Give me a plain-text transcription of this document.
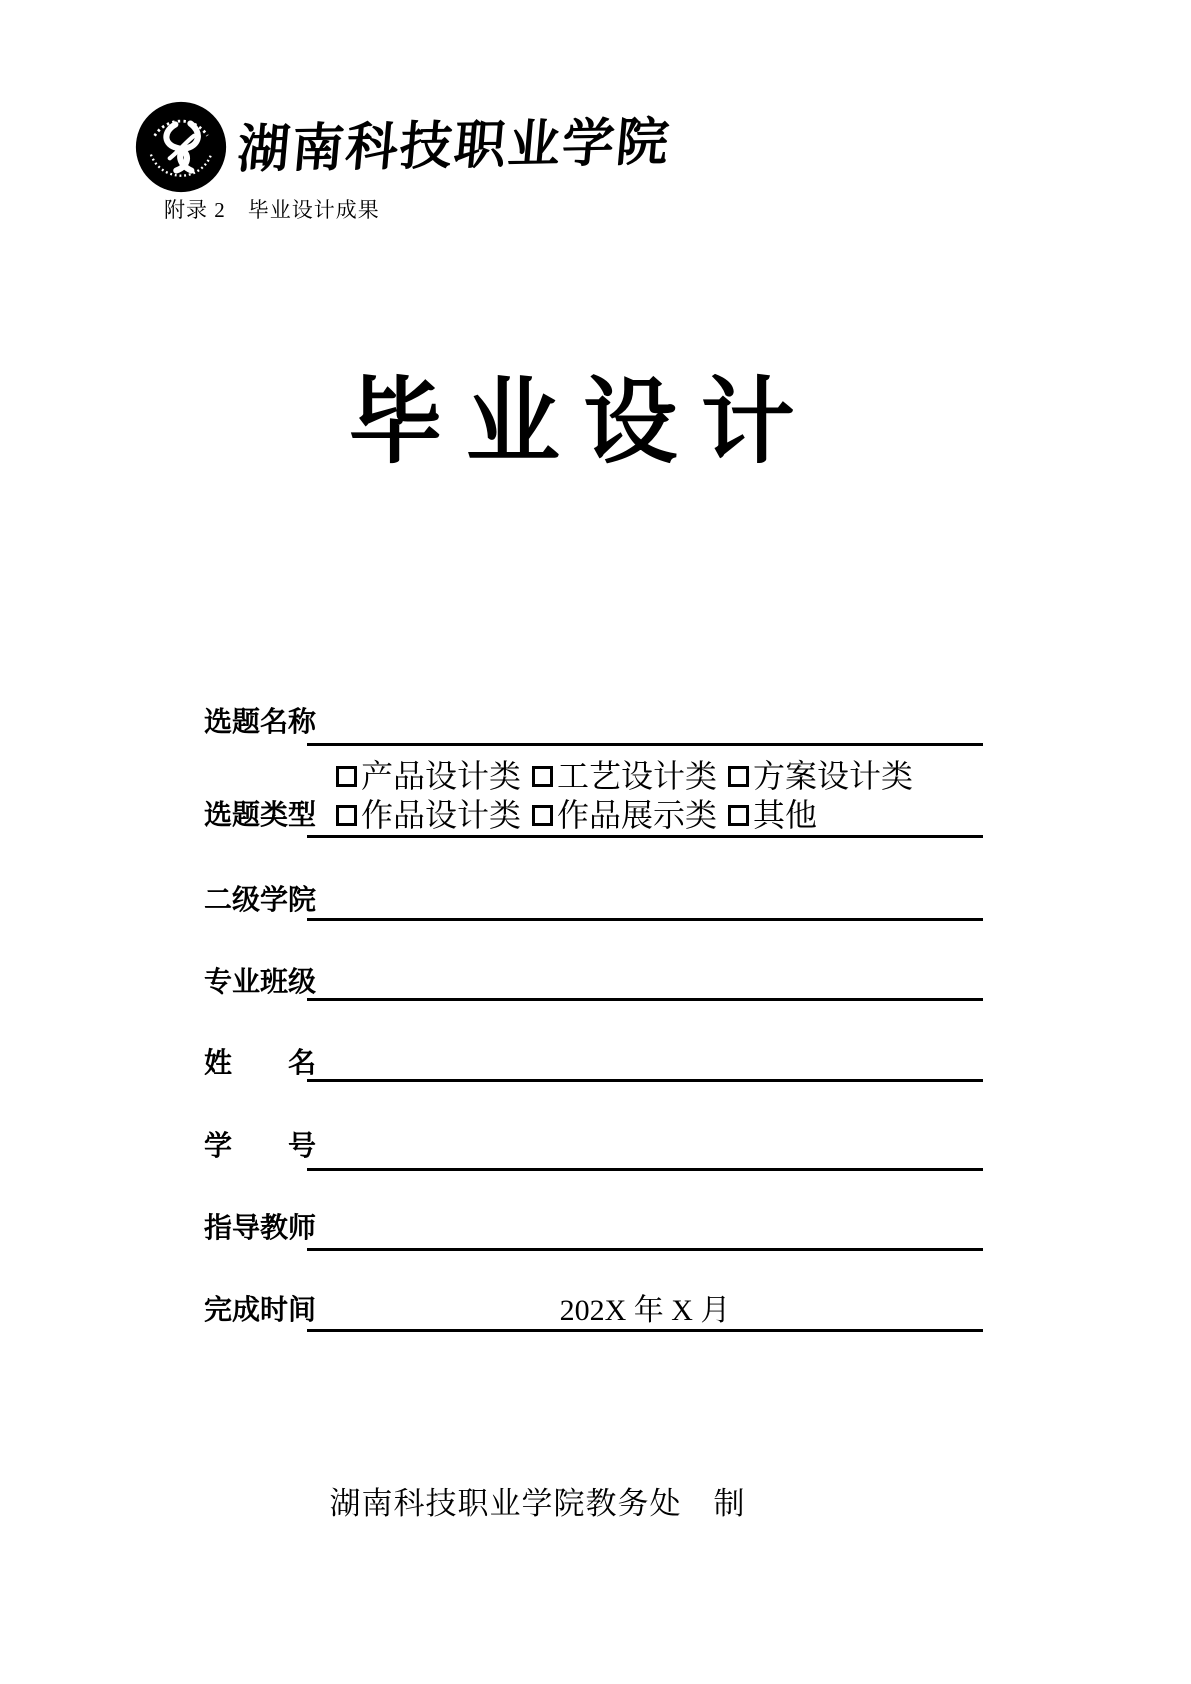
湖南科技职业学院
附录 2　毕业设计成果
毕 业 设 计
选题名称
产品设计类 工艺设计类 方案设计类
选题类型 作品设计类 作品展示类 其他
二级学院
专业班级
姓　　名
学　　号
指导教师
完成时间	202X 年 X 月
湖南科技职业学院教务处　制
